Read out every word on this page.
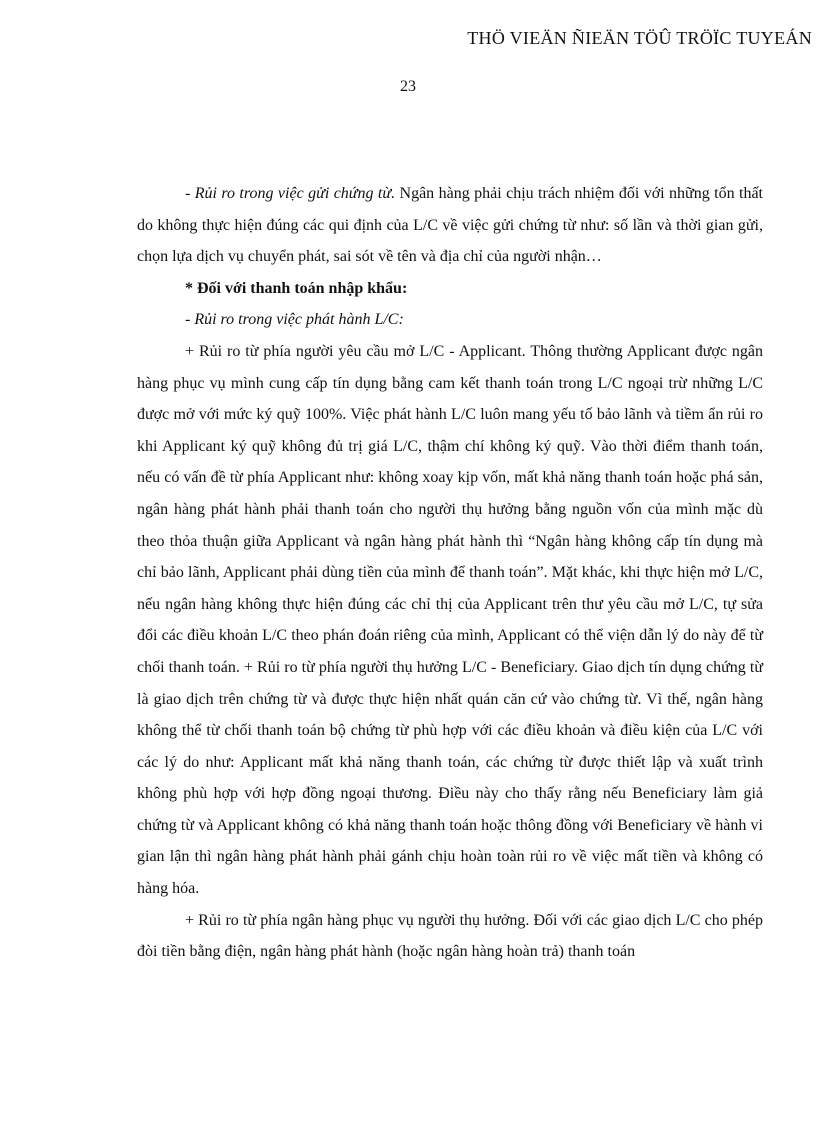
THÖ VIEÄN ÑIEÄN TÖÛ TRÖÏC TUYEÁN
23

- Rủi ro trong việc gửi chứng từ. Ngân hàng phải chịu trách nhiệm đối với những tổn thất do không thực hiện đúng các qui định của L/C về việc gửi chứng từ như: số lần và thời gian gửi, chọn lựa dịch vụ chuyển phát, sai sót về tên và địa chỉ của người nhận…

* Đối với thanh toán nhập khẩu:

- Rủi ro trong việc phát hành L/C:

+ Rủi ro từ phía người yêu cầu mở L/C - Applicant. Thông thường Applicant được ngân hàng phục vụ mình cung cấp tín dụng bằng cam kết thanh toán trong L/C ngoại trừ những L/C được mở với mức ký quỹ 100%. Việc phát hành L/C luôn mang yếu tố bảo lãnh và tiềm ẩn rủi ro khi Applicant ký quỹ không đủ trị giá L/C, thậm chí không ký quỹ. Vào thời điểm thanh toán, nếu có vấn đề từ phía Applicant như: không xoay kịp vốn, mất khả năng thanh toán hoặc phá sản, ngân hàng phát hành phải thanh toán cho người thụ hưởng bằng nguồn vốn của mình mặc dù theo thỏa thuận giữa Applicant và ngân hàng phát hành thì “Ngân hàng không cấp tín dụng mà chỉ bảo lãnh, Applicant phải dùng tiền của mình để thanh toán”. Mặt khác, khi thực hiện mở L/C, nếu ngân hàng không thực hiện đúng các chỉ thị của Applicant trên thư yêu cầu mở L/C, tự sửa đổi các điều khoản L/C theo phán đoán riêng của mình, Applicant có thể viện dẫn lý do này để từ chối thanh toán. + Rủi ro từ phía người thụ hưởng L/C - Beneficiary. Giao dịch tín dụng chứng từ là giao dịch trên chứng từ và được thực hiện nhất quán căn cứ vào chứng từ. Vì thế, ngân hàng không thể từ chối thanh toán bộ chứng từ phù hợp với các điều khoản và điều kiện của L/C với các lý do như: Applicant mất khả năng thanh toán, các chứng từ được thiết lập và xuất trình không phù hợp với hợp đồng ngoại thương. Điều này cho thấy rằng nếu Beneficiary làm giả chứng từ và Applicant không có khả năng thanh toán hoặc thông đồng với Beneficiary về hành vi gian lận thì ngân hàng phát hành phải gánh chịu hoàn toàn rủi ro về việc mất tiền và không có hàng hóa.

+ Rủi ro từ phía ngân hàng phục vụ người thụ hưởng. Đối với các giao dịch L/C cho phép đòi tiền bằng điện, ngân hàng phát hành (hoặc ngân hàng hoàn trả) thanh toán
